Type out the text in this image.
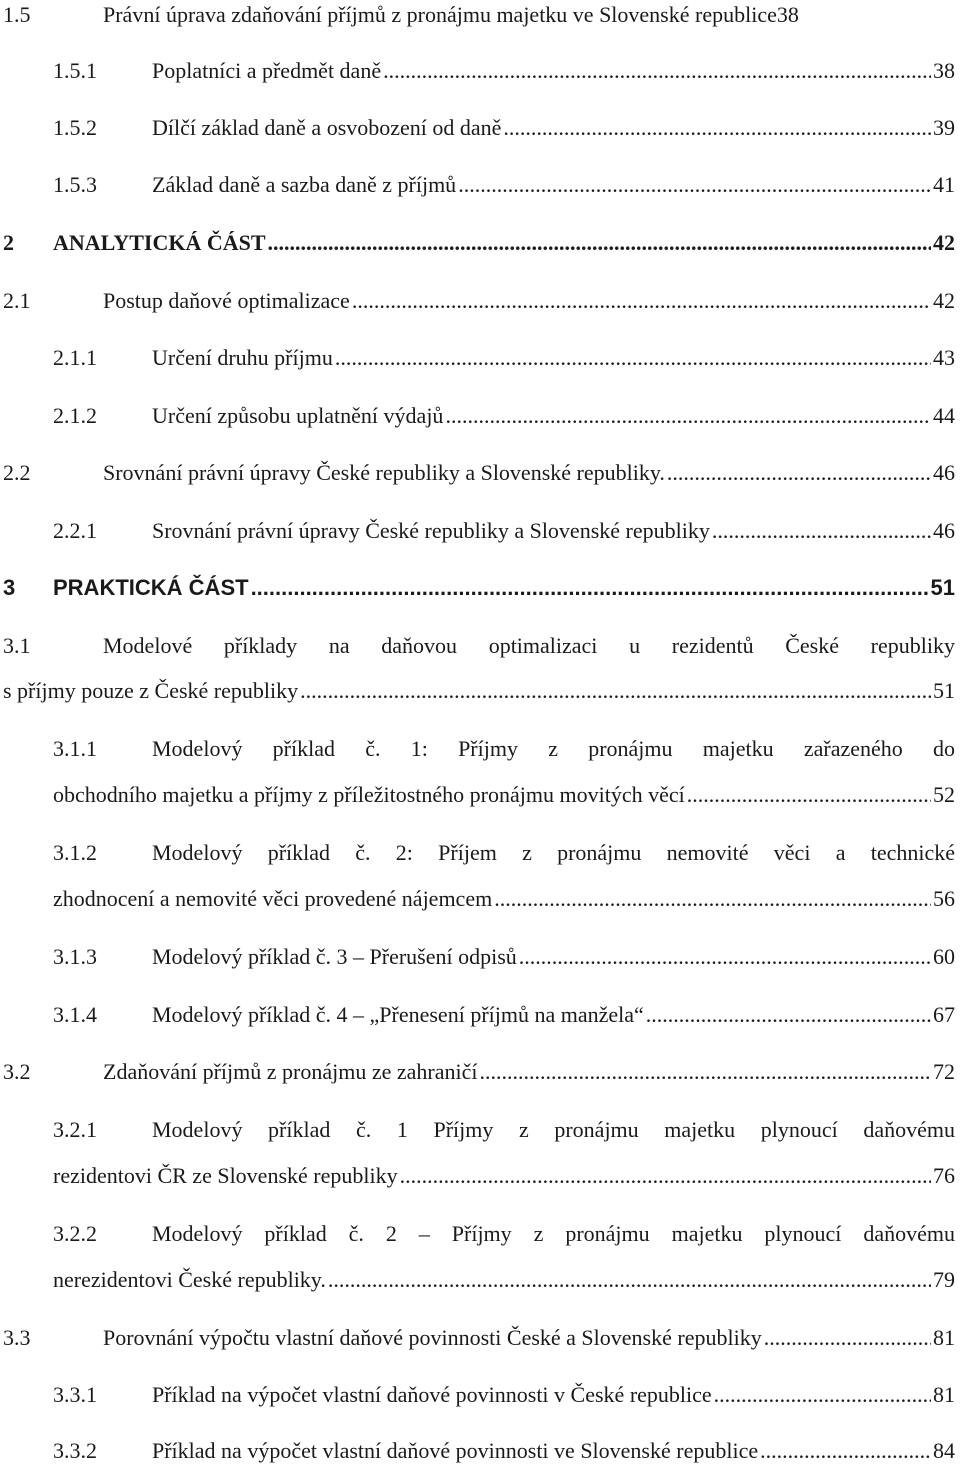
1.5	Právní úprava zdaňování příjmů z pronájmu majetku ve Slovenské republice 38
1.5.1	Poplatníci a předmět daně .....	38
1.5.2	Dílčí základ daně a osvobození od daně .....	39
1.5.3	Základ daně a sazba daně z příjmů .....	41
2 ANALYTICKÁ ČÁST .....	42
2.1	Postup daňové optimalizace .....	42
2.1.1	Určení druhu příjmu .....	43
2.1.2	Určení způsobu uplatnění výdajů .....	44
2.2	Srovnání právní úpravy České republiky a Slovenské republiky. .....	46
2.2.1	Srovnání právní úpravy České republiky a Slovenské republiky .....	46
3 PRAKTICKÁ ČÁST .....	51
3.1	Modelové příklady na daňovou optimalizaci u rezidentů České republiky
s příjmy pouze z České republiky .....	51
3.1.1	Modelový příklad č. 1: Příjmy z pronájmu majetku zařazeného do
obchodního majetku a příjmy z příležitostného pronájmu movitých věcí .....	52
3.1.2	Modelový příklad č. 2: Příjem z pronájmu nemovité věci a technické
zhodnocení a nemovité věci provedené nájemcem .....	56
3.1.3	Modelový příklad č. 3 – Přerušení odpisů .....	60
3.1.4	Modelový příklad č. 4 – „Přenesení příjmů na manžela“ .....	67
3.2	Zdaňování příjmů z pronájmu ze zahraničí .....	72
3.2.1	Modelový příklad č. 1 Příjmy z pronájmu majetku plynoucí daňovému
rezidentovi ČR ze Slovenské republiky .....	76
3.2.2	Modelový příklad č. 2 – Příjmy z pronájmu majetku plynoucí daňovému
nerezidentovi České republiky. .....	79
3.3	Porovnání výpočtu vlastní daňové povinnosti České a Slovenské republiky .....	81
3.3.1	Příklad na výpočet vlastní daňové povinnosti v České republice .....	81
3.3.2	Příklad na výpočet vlastní daňové povinnosti ve Slovenské republice .....	84
